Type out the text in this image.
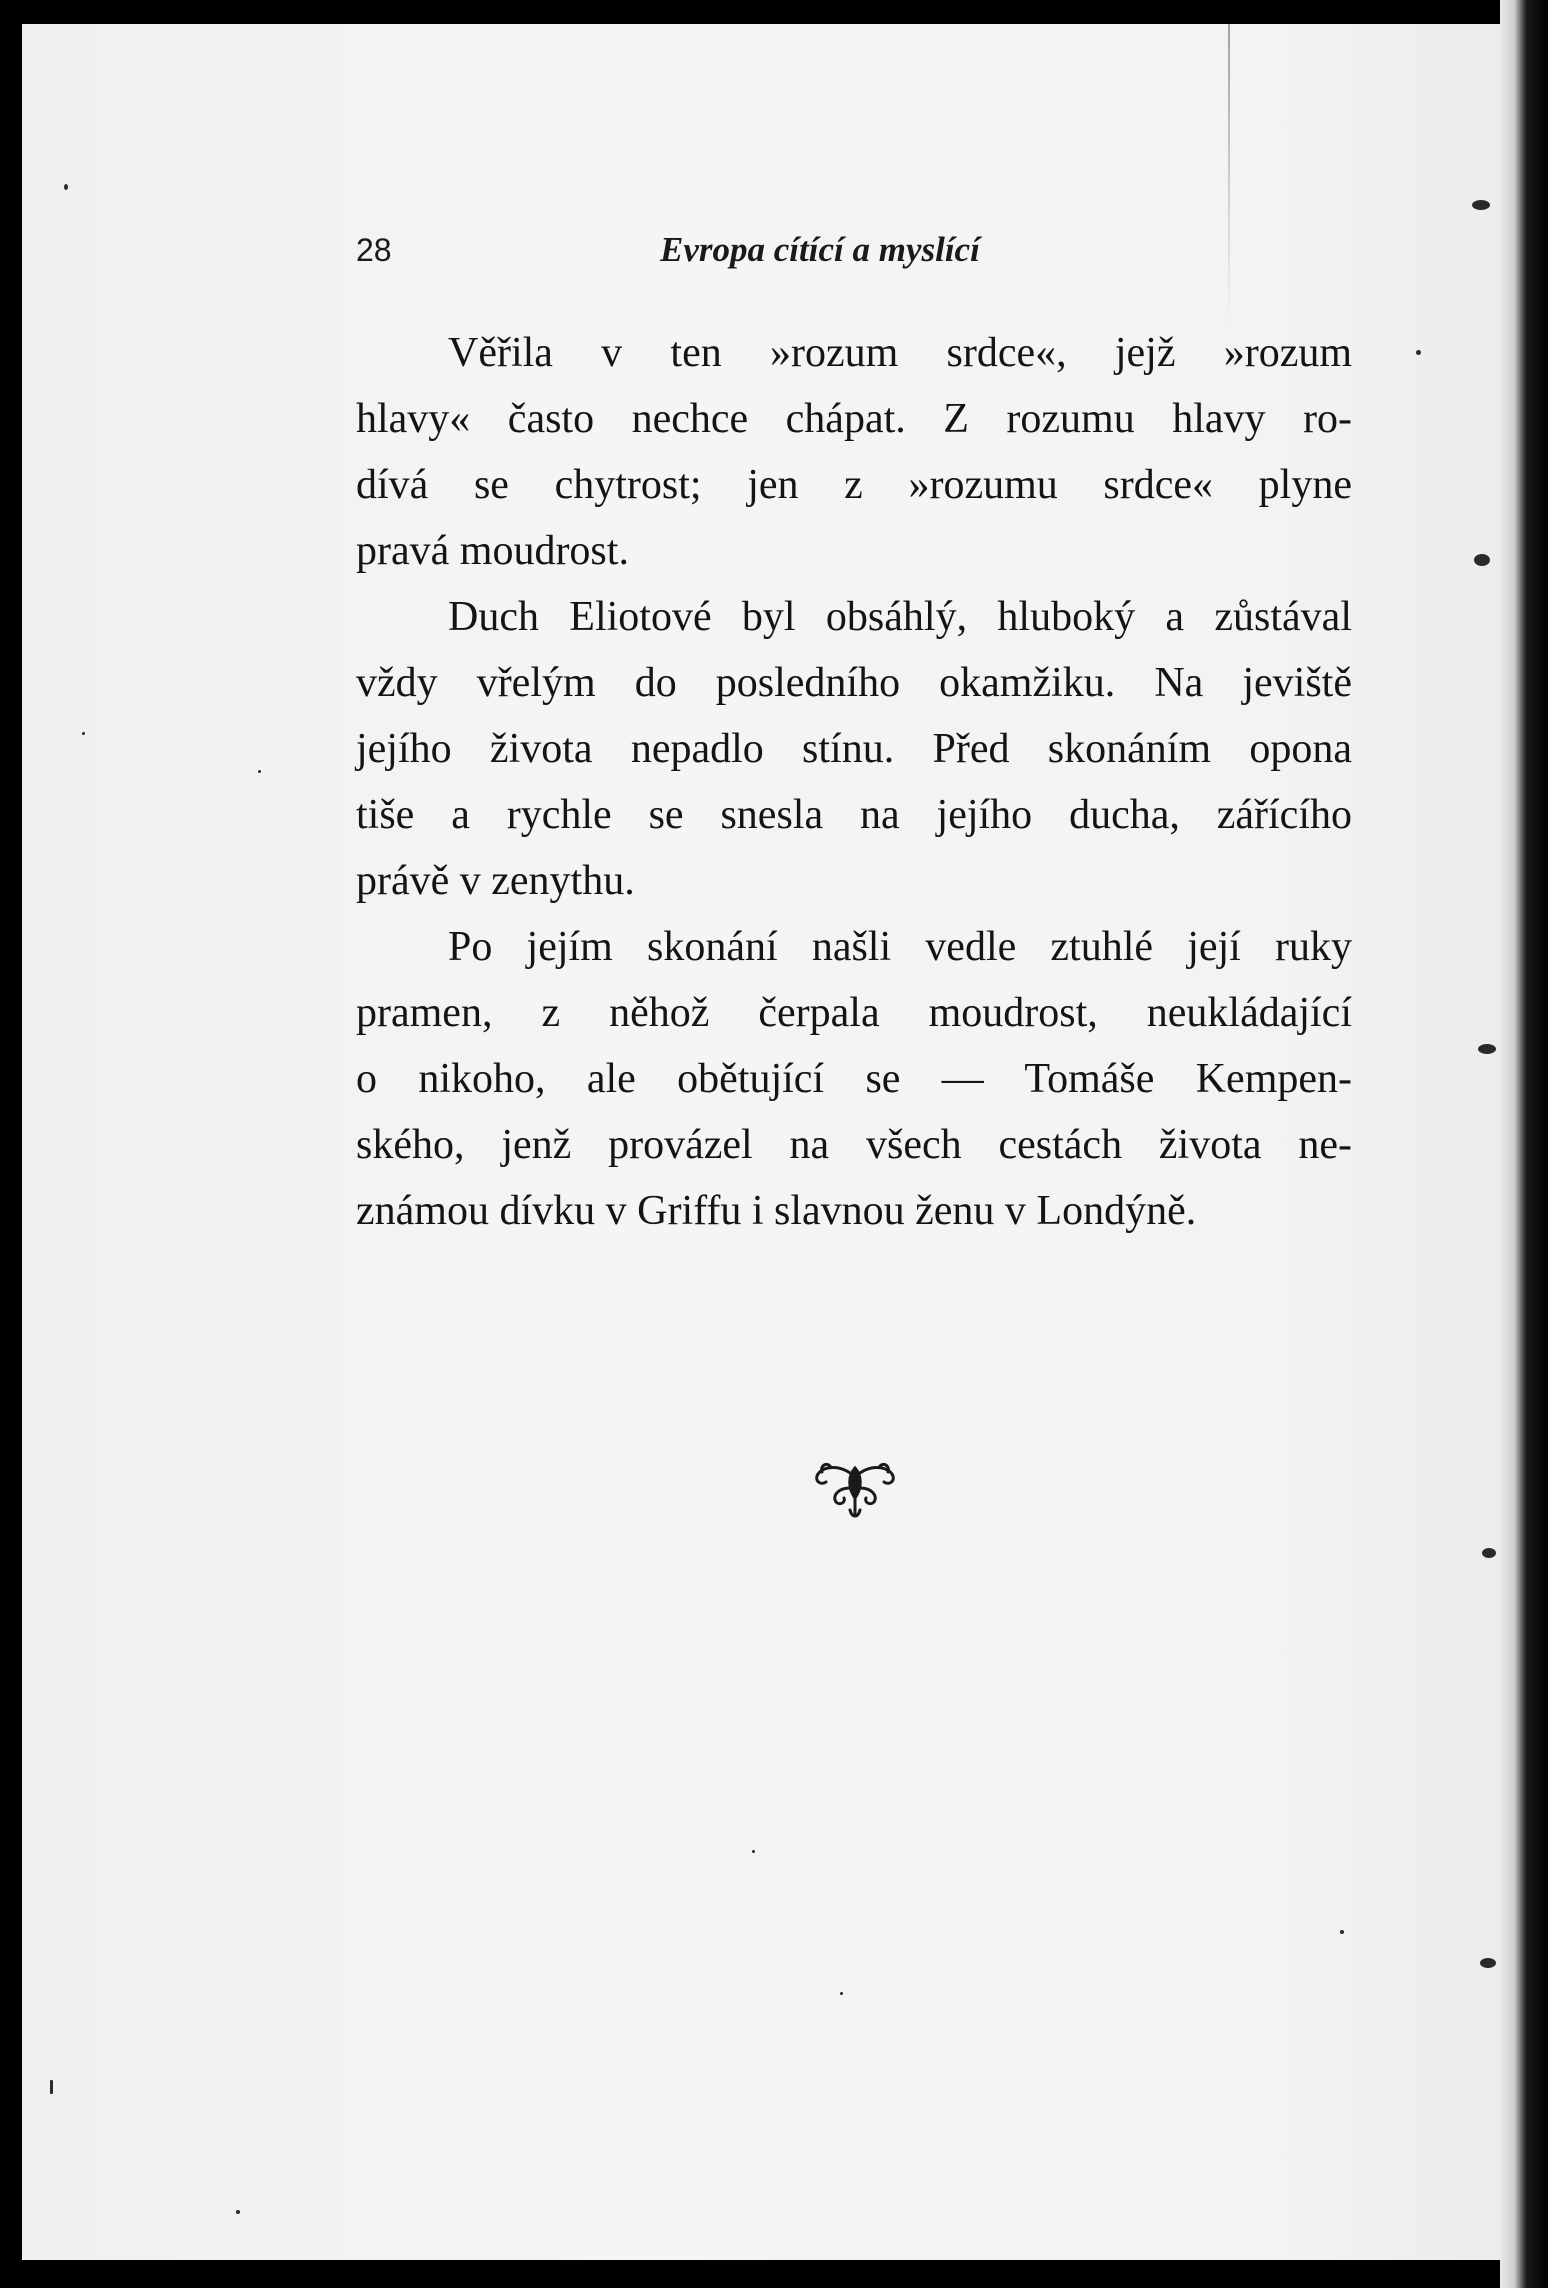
28	Evropa cítící a myslící
Věřila v ten »rozum srdce«, jejž »rozum
hlavy« často nechce chápat. Z rozumu hlavy ro-
dívá se chytrost; jen z »rozumu srdce« plyne
pravá moudrost.
Duch Eliotové byl obsáhlý, hluboký a zůstával
vždy vřelým do posledního okamžiku. Na jeviště
jejího života nepadlo stínu. Před skonáním opona
tiše a rychle se snesla na jejího ducha, zářícího
právě v zenythu.
Po jejím skonání našli vedle ztuhlé její ruky
pramen, z něhož čerpala moudrost, neukládající
o nikoho, ale obětující se — Tomáše Kempen-
ského, jenž provázel na všech cestách života ne-
známou dívku v Griffu i slavnou ženu v Londýně.
